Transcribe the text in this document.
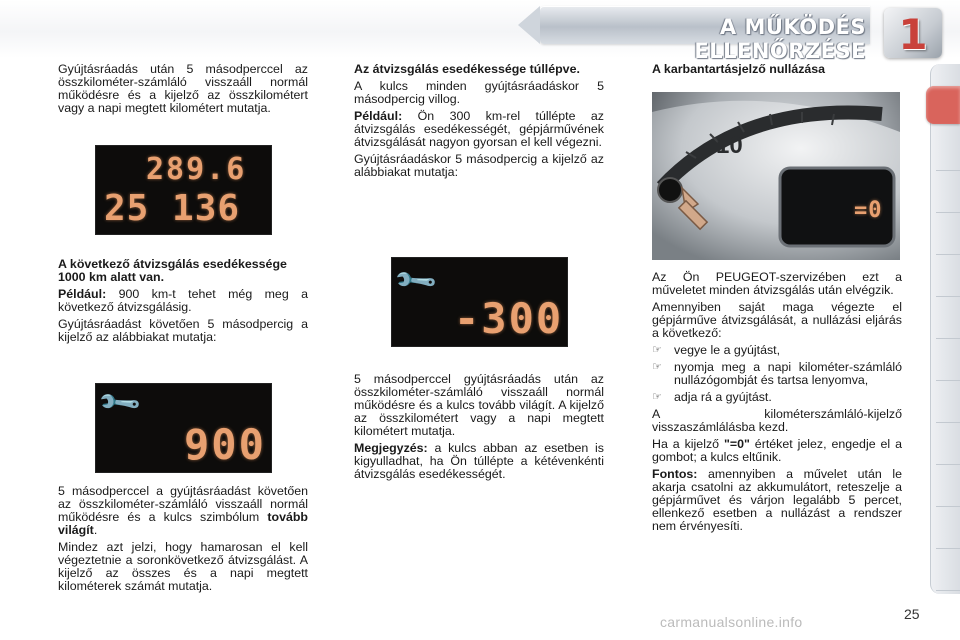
A MŰKÖDÉS ELLENŐRZÉSE 1

Gyújtásráadás után 5 másodperccel az összkilométer-számláló visszaáll normál működésre és a kijelző az összkilométert vagy a napi megtett kilométert mutatja.

289.6
25 136
A következő átvizsgálás esedékessége 1000 km alatt van.

Például: 900 km-t tehet még meg a következő átvizsgálásig.

Gyújtásráadást követően 5 másodpercig a kijelző az alábbiakat mutatja:

🔧
900

5 másodperccel a gyújtásráadást követően az összkilométer-számláló visszaáll normál működésre és a kulcs szimbólum tovább világít.

Mindez azt jelzi, hogy hamarosan el kell végeztetnie a soronkövetkező átvizsgálást. A kijelző az összes és a napi megtett kilométerek számát mutatja.

Az átvizsgálás esedékessége túllépve.

A kulcs minden gyújtásráadáskor 5 másodpercig villog.

Például: Ön 300 km-rel túllépte az átvizsgálás esedékességét, gépjárművének átvizsgálását nagyon gyorsan el kell végezni.

Gyújtásráadáskor 5 másodpercig a kijelző az alábbiakat mutatja:

🔧
-300

5 másodperccel gyújtásráadás után az összkilométer-számláló visszaáll normál működésre és a kulcs tovább világít. A kijelző az összkilométert vagy a napi megtett kilométert mutatja.

Megjegyzés: a kulcs abban az esetben is kigyulladhat, ha Ön túllépte a kétévenkénti átvizsgálás esedékességét.

A karbantartásjelző nullázása
10
=0

Az Ön PEUGEOT-szervizében ezt a műveletet minden átvizsgálás után elvégzik.

Amennyiben saját maga végezte el gépjárműve átvizsgálását, a nullázási eljárás a következő:

☞ vegye le a gyújtást,
☞ nyomja meg a napi kilométer-számláló nullázógombját és tartsa lenyomva,
☞ adja rá a gyújtást.

A kilométerszámláló-kijelző visszaszámlálásba kezd.

Ha a kijelző "=0" értéket jelez, engedje el a gombot; a kulcs eltűnik.

Fontos: amennyiben a művelet után le akarja csatolni az akkumulátort, reteszelje a gépjárművet és várjon legalább 5 percet, ellenkező esetben a nullázást a rendszer nem érvényesíti.

carmanualsonline.info	25
